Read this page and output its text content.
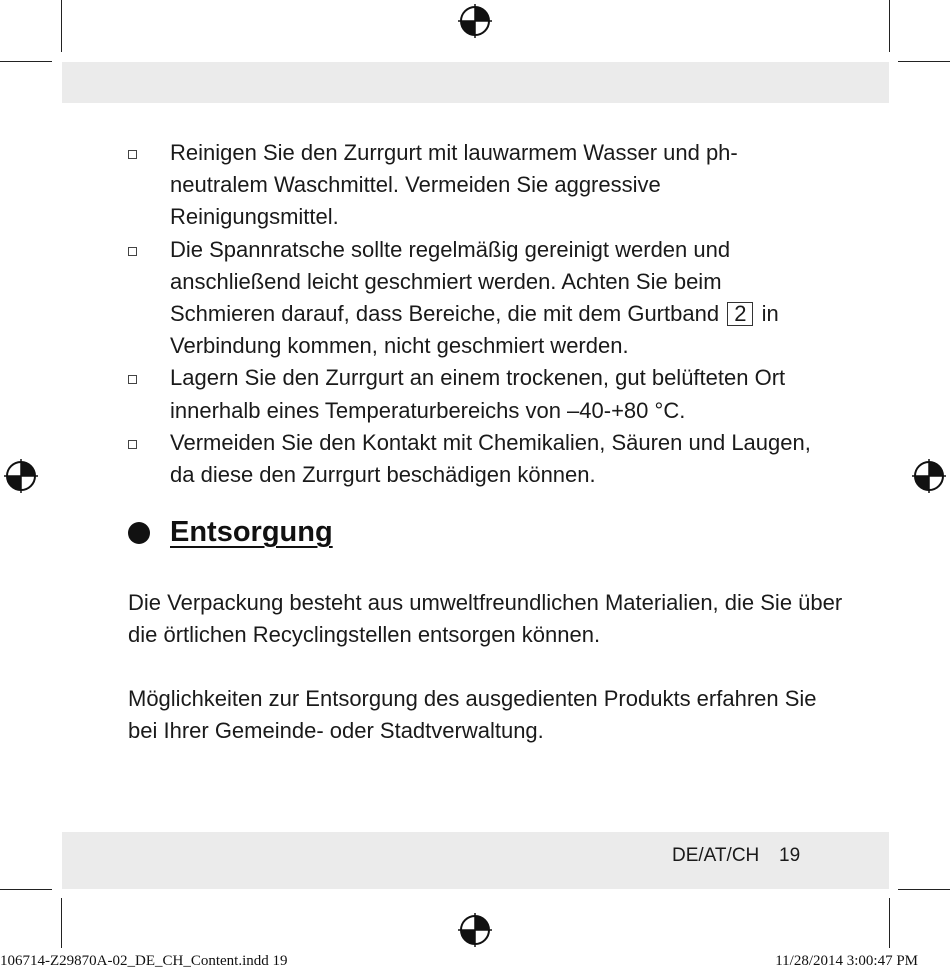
Reinigen Sie den Zurrgurt mit lauwarmem Wasser und ph-neutralem Waschmittel. Vermeiden Sie aggressive Reinigungsmittel.
Die Spannratsche sollte regelmäßig gereinigt werden und anschließend leicht geschmiert werden. Achten Sie beim Schmieren darauf, dass Bereiche, die mit dem Gurtband 2 in Verbindung kommen, nicht geschmiert werden.
Lagern Sie den Zurrgurt an einem trockenen, gut belüfteten Ort innerhalb eines Temperaturbereichs von –40-+80 °C.
Vermeiden Sie den Kontakt mit Chemikalien, Säuren und Laugen, da diese den Zurrgurt beschädigen können.
Entsorgung

Die Verpackung besteht aus umweltfreundlichen Materialien, die Sie über die örtlichen Recyclingstellen entsorgen können.

Möglichkeiten zur Entsorgung des ausgedienten Produkts erfahren Sie bei Ihrer Gemeinde- oder Stadtverwaltung.

DE/AT/CH 19
106714-Z29870A-02_DE_CH_Content.indd 19	11/28/2014 3:00:47 PM
